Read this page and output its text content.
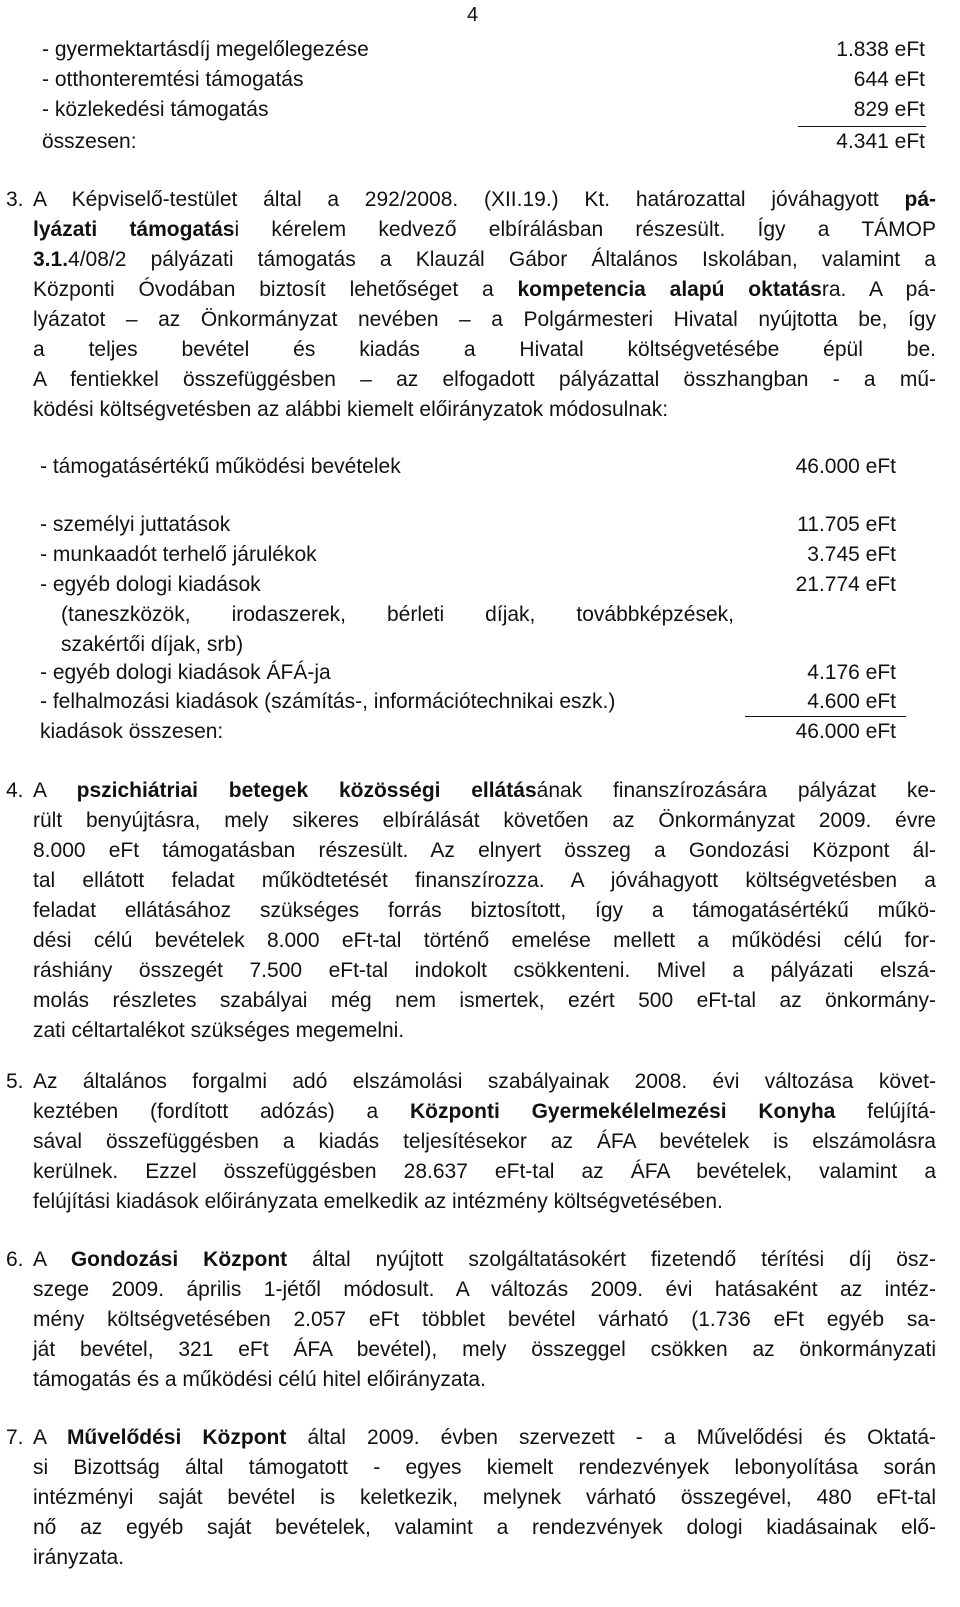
4
- gyermektartásdíj megelőlegezése	1.838 eFt
- otthonteremtési támogatás	644 eFt
- közlekedési támogatás	829 eFt
összesen:	4.341 eFt
3. A Képviselő-testület által a 292/2008. (XII.19.) Kt. határozattal jóváhagyott pá-
lyázati támogatási kérelem kedvező elbírálásban részesült. Így a TÁMOP
3.1.4/08/2 pályázati támogatás a Klauzál Gábor Általános Iskolában, valamint a
Központi Óvodában biztosít lehetőséget a kompetencia alapú oktatásra. A pá-
lyázatot – az Önkormányzat nevében – a Polgármesteri Hivatal nyújtotta be, így
a teljes bevétel és kiadás a Hivatal költségvetésébe épül be.
A fentiekkel összefüggésben – az elfogadott pályázattal összhangban - a mű-
ködési költségvetésben az alábbi kiemelt előirányzatok módosulnak:
- támogatásértékű működési bevételek	46.000 eFt
- személyi juttatások	11.705 eFt
- munkaadót terhelő járulékok	3.745 eFt
- egyéb dologi kiadások	21.774 eFt
(taneszközök, irodaszerek, bérleti díjak, továbbképzések,
szakértői díjak, srb)
- egyéb dologi kiadások ÁFÁ-ja	4.176 eFt
- felhalmozási kiadások (számítás-, információtechnikai eszk.)	4.600 eFt
kiadások összesen:	46.000 eFt
4. A pszichiátriai betegek közösségi ellátásának finanszírozására pályázat ke-
rült benyújtásra, mely sikeres elbírálását követően az Önkormányzat 2009. évre
8.000 eFt támogatásban részesült. Az elnyert összeg a Gondozási Központ ál-
tal ellátott feladat működtetését finanszírozza. A jóváhagyott költségvetésben a
feladat ellátásához szükséges forrás biztosított, így a támogatásértékű műkö-
dési célú bevételek 8.000 eFt-tal történő emelése mellett a működési célú for-
ráshiány összegét 7.500 eFt-tal indokolt csökkenteni. Mivel a pályázati elszá-
molás részletes szabályai még nem ismertek, ezért 500 eFt-tal az önkormány-
zati céltartalékot szükséges megemelni.
5. Az általános forgalmi adó elszámolási szabályainak 2008. évi változása követ-
keztében (fordított adózás) a Központi Gyermekélelmezési Konyha felújítá-
sával összefüggésben a kiadás teljesítésekor az ÁFA bevételek is elszámolásra
kerülnek. Ezzel összefüggésben 28.637 eFt-tal az ÁFA bevételek, valamint a
felújítási kiadások előirányzata emelkedik az intézmény költségvetésében.
6. A Gondozási Központ által nyújtott szolgáltatásokért fizetendő térítési díj ösz-
szege 2009. április 1-jétől módosult. A változás 2009. évi hatásaként az intéz-
mény költségvetésében 2.057 eFt többlet bevétel várható (1.736 eFt egyéb sa-
ját bevétel, 321 eFt ÁFA bevétel), mely összeggel csökken az önkormányzati
támogatás és a működési célú hitel előirányzata.
7. A Művelődési Központ által 2009. évben szervezett - a Művelődési és Oktatá-
si Bizottság által támogatott - egyes kiemelt rendezvények lebonyolítása során
intézményi saját bevétel is keletkezik, melynek várható összegével, 480 eFt-tal
nő az egyéb saját bevételek, valamint a rendezvények dologi kiadásainak elő-
irányzata.
